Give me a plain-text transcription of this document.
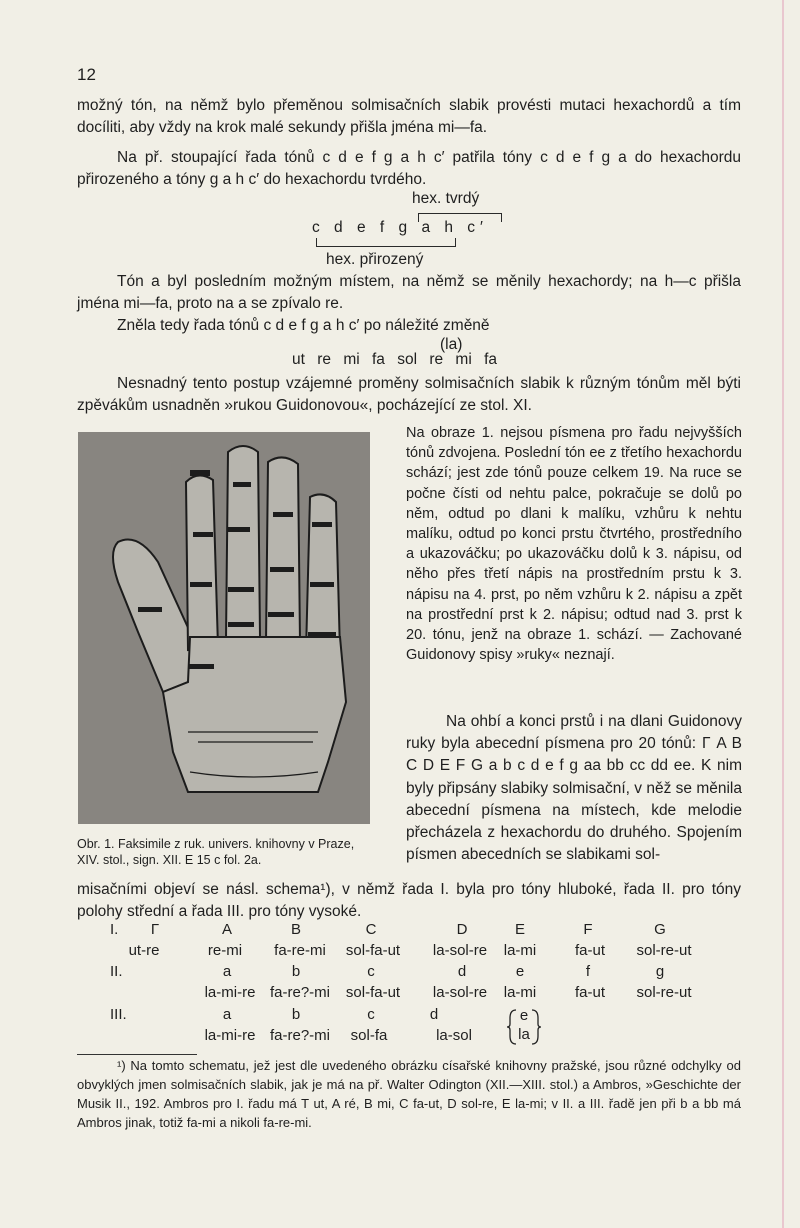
12

možný tón, na němž bylo přeměnou solmisačních slabik provésti mutaci hexachordů a tím docíliti, aby vždy na krok malé sekundy přišla jména mi—fa.

Na př. stoupající řada tónů c d e f g a h c′ patřila tóny c d e f g a do hexachordu přirozeného a tóny g a h c′ do hexachordu tvrdého.

hex. tvrdý
c d e f g a h c′
hex. přirozený

Tón a byl posledním možným místem, na němž se měnily hexachordy; na h—c přišla jména mi—fa, proto na a se zpívalo re.

Zněla tedy řada tónů c d e f g a h c′ po náležité změně

(la)
ut re mi fa sol re mi fa

Nesnadný tento postup vzájemné proměny solmisačních slabik k různým tónům měl býti zpěvákům usnadněn »rukou Guidonovou«, pocházející ze stol. XI.

Obr. 1. Faksimile z ruk. univers. knihovny v Praze, XIV. stol., sign. XII. E 15 c fol. 2a.

Na obraze 1. nejsou písmena pro řadu nejvyšších tónů zdvojena. Poslední tón ee z třetího hexachordu schází; jest zde tónů pouze celkem 19. Na ruce se počne čísti od nehtu palce, pokračuje se dolů po něm, odtud po dlani k malíku, vzhůru k nehtu malíku, odtud po konci prstu čtvrtého, prostředního a ukazováčku; po ukazováčku dolů k 3. nápisu, od něho přes třetí nápis na prostředním prstu k 3. nápisu na 4. prst, po něm vzhůru k 2. nápisu a zpět na prostřední prst k 2. nápisu; odtud nad 3. prst k 20. tónu, jenž na obraze 1. schází. — Zachované Guidonovy spisy »ruky« neznají.

Na ohbí a konci prstů i na dlani Guidonovy ruky byla abecední písmena pro 20 tónů: Γ A B C D E F G a b c d e f g aa bb cc dd ee. K nim byly připsány slabiky solmisační, v něž se měnila abecední písmena na místech, kde melodie přecházela z hexachordu do druhého. Spojením písmen abecedních se slabikami sol-

misačními objeví se násl. schema¹), v němž řada I. byla pro tóny hluboké, řada II. pro tóny polohy střední a řada III. pro tóny vysoké.

I. Γ	A	B	C	D	E	F	G
ut-re	re-mi fa-re-mi sol-fa-ut la-sol-re la-mi	fa-ut sol-re-ut
II.	a	b	c	d	e	f	g
la-mi-re fa-re?-mi sol-fa-ut la-sol-re la-mi	fa-ut sol-re-ut
III.	a	b	c	d	e
la-mi-re fa-re?-mi sol-fa	la-sol	la

¹) Na tomto schematu, jež jest dle uvedeného obrázku císařské knihovny pražské, jsou různé odchylky od obvyklých jmen solmisačních slabik, jak je má na př. Walter Odington (XII.—XIII. stol.) a Ambros, »Geschichte der Musik II., 192. Ambros pro I. řadu má T ut, A ré, B mi, C fa-ut, D sol-re, E la-mi; v II. a III. řadě jen při b a bb má Ambros jinak, totiž fa-mi a nikoli fa-re-mi.
